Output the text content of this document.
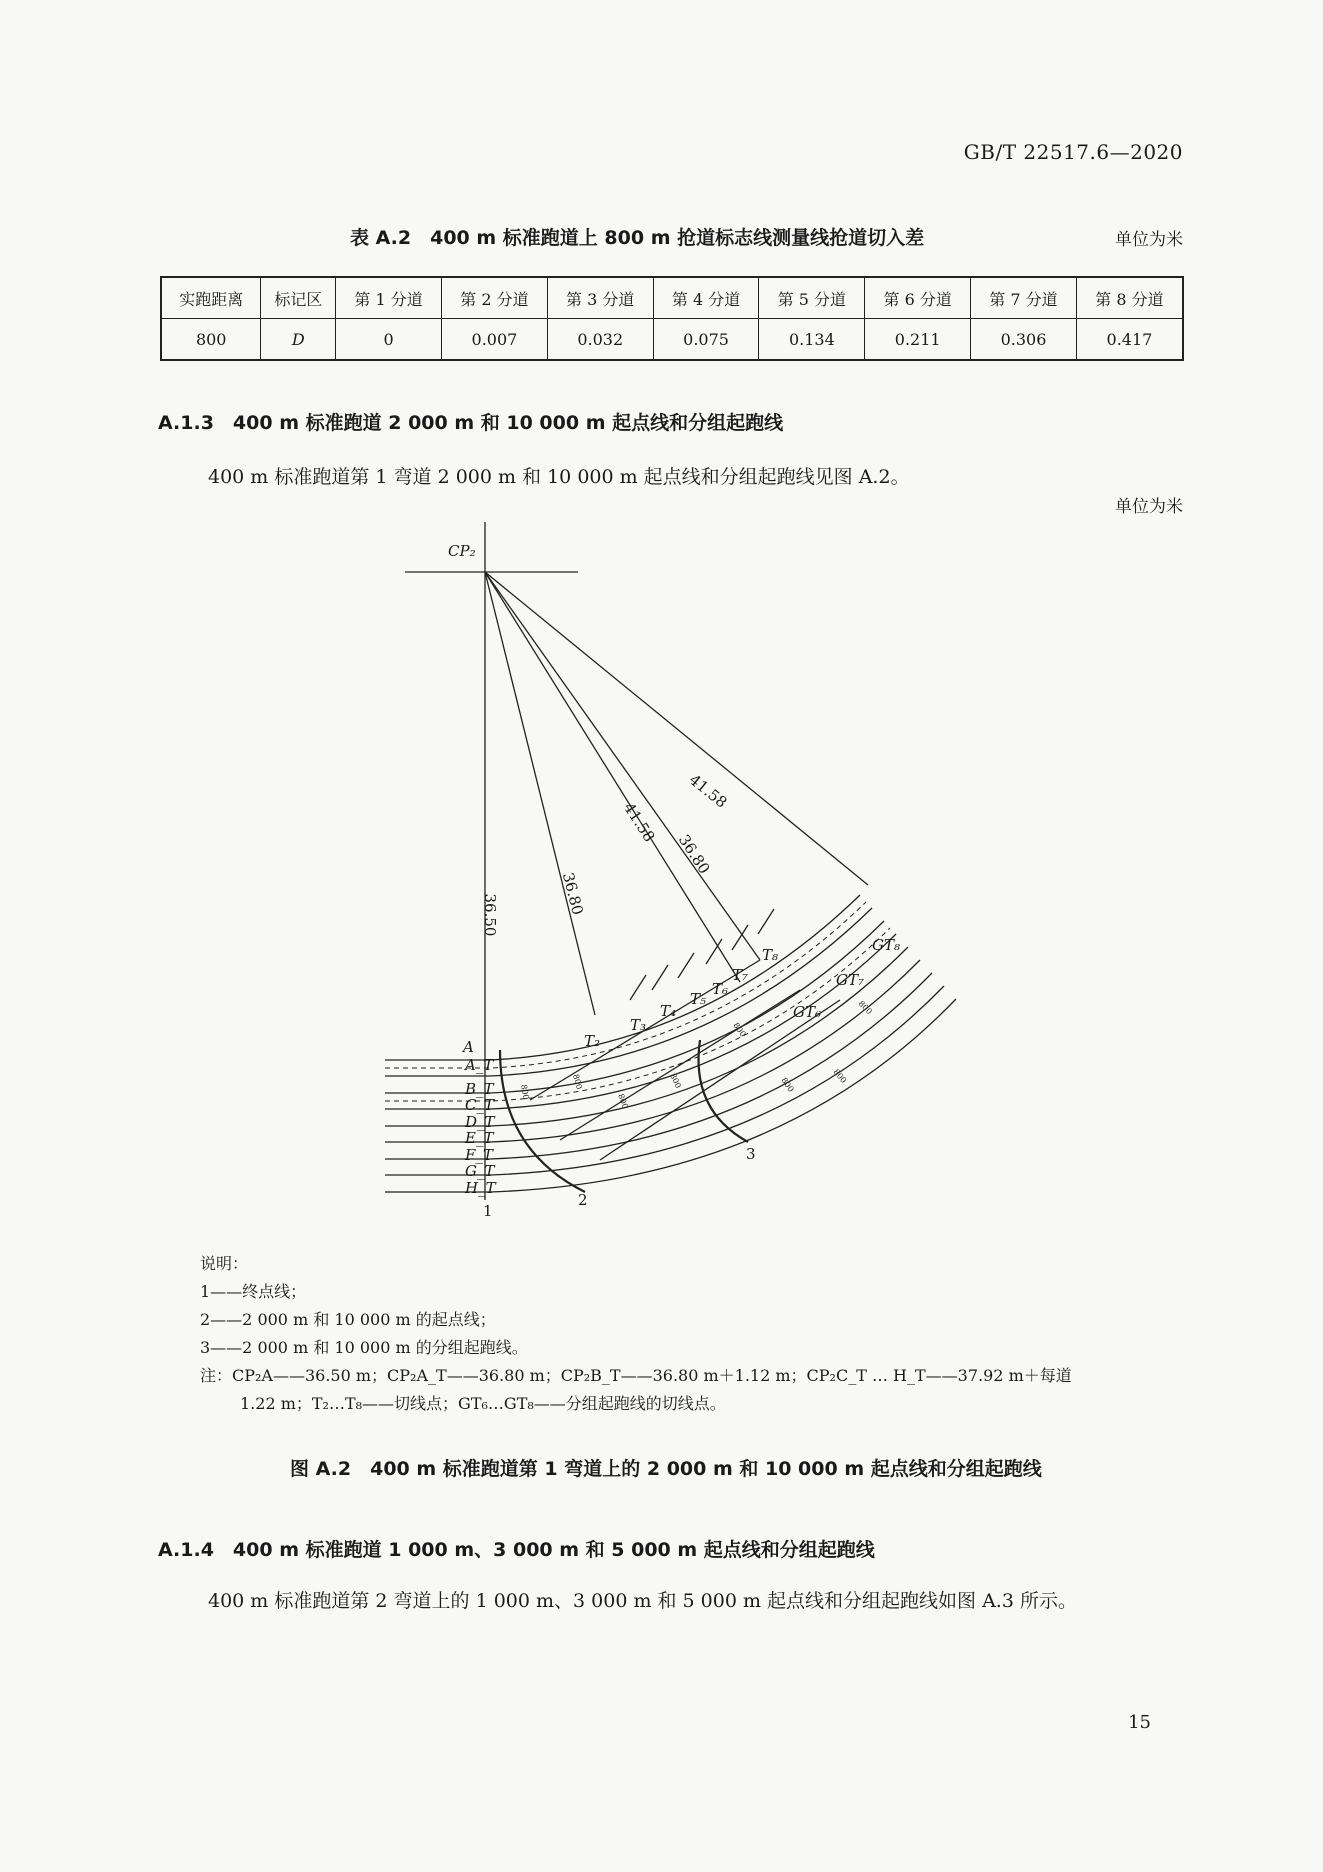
GB/T 22517.6—2020
表 A.2　400 m 标准跑道上 800 m 抢道标志线测量线抢道切入差	单位为米
实跑距离	标记区	第 1 分道	第 2 分道	第 3 分道	第 4 分道	第 5 分道	第 6 分道	第 7 分道	第 8 分道
800	D	0	0.007	0.032	0.075	0.134	0.211	0.306	0.417
A.1.3　400 m 标准跑道 2 000 m 和 10 000 m 起点线和分组起跑线
400 m 标准跑道第 1 弯道 2 000 m 和 10 000 m 起点线和分组起跑线见图 A.2。
单位为米
CP₂
A
A_T
B_T
C_T
D_T
E_T
F_T
G_T
H_T
T₂
T₃
T₄
T₅
T₆
T₇
T₈
GT₆
GT₇
GT₈
36.50	36.80
41.58
36.80
41.58
1
2
3
800
800
800
800
800
800	800
800
说明：
1——终点线；
2——2 000 m 和 10 000 m 的起点线；
3——2 000 m 和 10 000 m 的分组起跑线。
注：CP₂A——36.50 m；CP₂A_T——36.80 m；CP₂B_T——36.80 m＋1.12 m；CP₂C_T … H_T——37.92 m＋每道
1.22 m；T₂…T₈——切线点；GT₆…GT₈——分组起跑线的切线点。
图 A.2　400 m 标准跑道第 1 弯道上的 2 000 m 和 10 000 m 起点线和分组起跑线
A.1.4　400 m 标准跑道 1 000 m、3 000 m 和 5 000 m 起点线和分组起跑线
400 m 标准跑道第 2 弯道上的 1 000 m、3 000 m 和 5 000 m 起点线和分组起跑线如图 A.3 所示。
15
